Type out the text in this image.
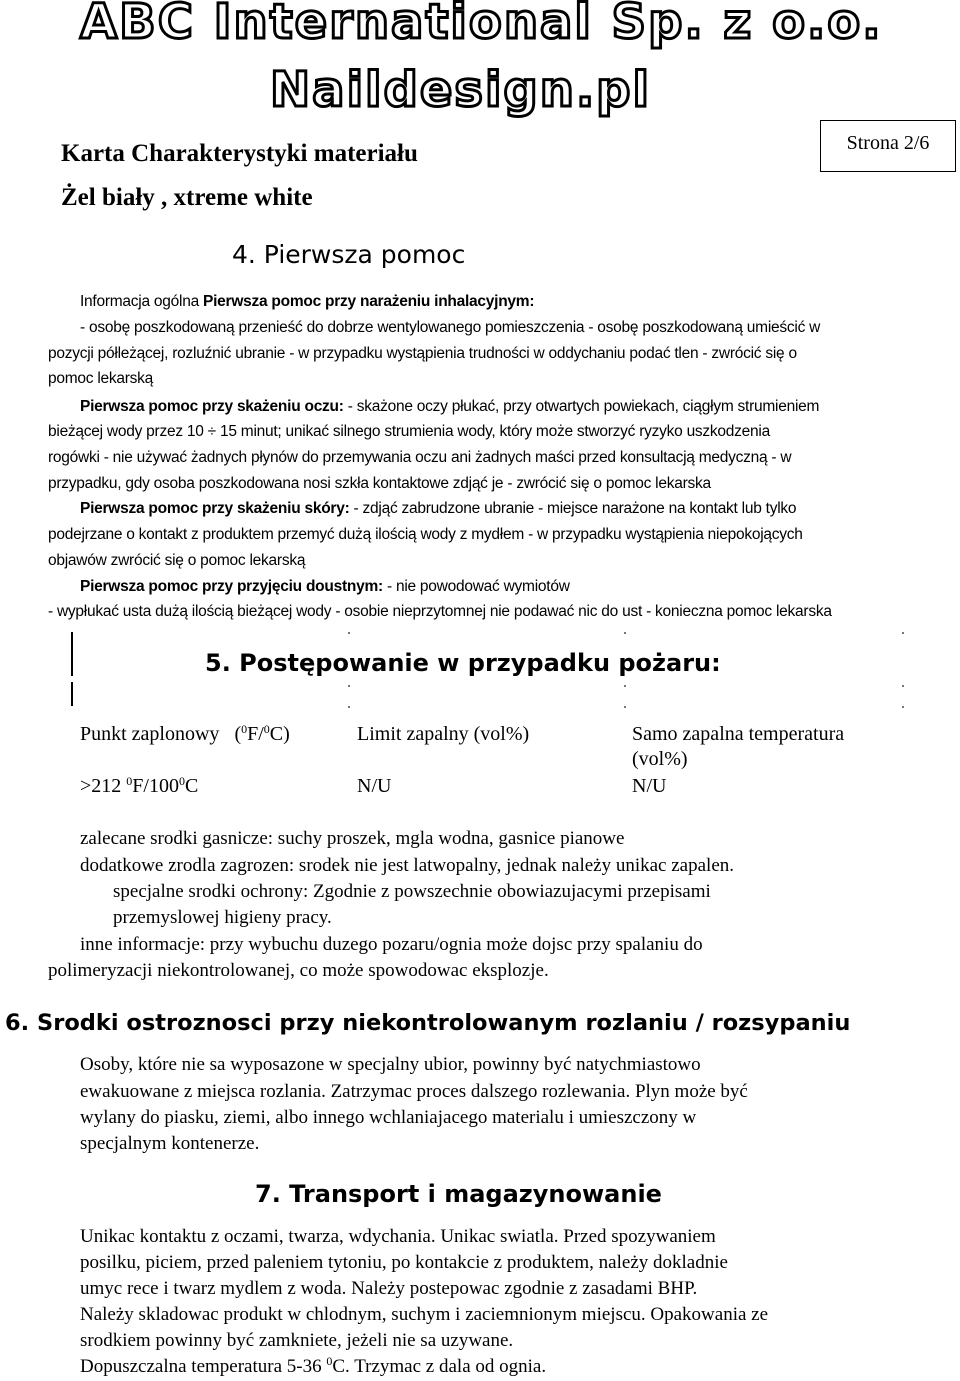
ABC International Sp. z o.o.
Naildesign.pl
Karta Charakterystyki materiału
Żel biały , xtreme white
Strona 2/6
4. Pierwsza pomoc
Informacja ogólna Pierwsza pomoc przy narażeniu inhalacyjnym:
- osobę poszkodowaną przenieść do dobrze wentylowanego pomieszczenia - osobę poszkodowaną umieścić w
pozycji półleżącej, rozluźnić ubranie - w przypadku wystąpienia trudności w oddychaniu podać tlen - zwrócić się o
pomoc lekarską
Pierwsza pomoc przy skażeniu oczu: - skażone oczy płukać, przy otwartych powiekach, ciągłym strumieniem
bieżącej wody przez 10 ÷ 15 minut; unikać silnego strumienia wody, który może stworzyć ryzyko uszkodzenia
rogówki - nie używać żadnych płynów do przemywania oczu ani żadnych maści przed konsultacją medyczną - w
przypadku, gdy osoba poszkodowana nosi szkła kontaktowe zdjąć je - zwrócić się o pomoc lekarska
Pierwsza pomoc przy skażeniu skóry: - zdjąć zabrudzone ubranie - miejsce narażone na kontakt lub tylko
podejrzane o kontakt z produktem przemyć dużą ilością wody z mydłem - w przypadku wystąpienia niepokojących
objawów zwrócić się o pomoc lekarską
Pierwsza pomoc przy przyjęciu doustnym: - nie powodować wymiotów
- wypłukać usta dużą ilością bieżącej wody - osobie nieprzytomnej nie podawać nic do ust - konieczna pomoc lekarska
5. Postępowanie w przypadku pożaru:
Punkt zaplonowy ($^0$F/$^0$C)	Limit zapalny (vol%)	Samo zapalna temperatura
(vol%)
>212 $^0F/100^0C$	N/U	N/U
zalecane srodki gasnicze: suchy proszek, mgla wodna, gasnice pianowe
dodatkowe zrodla zagrozen: srodek nie jest latwopalny, jednak należy unikac zapalen.
specjalne srodki ochrony: Zgodnie z powszechnie obowiazujacymi przepisami
przemyslowej higieny pracy.
inne informacje: przy wybuchu duzego pozaru/ognia może dojsc przy spalaniu do
polimeryzacji niekontrolowanej, co może spowodowac eksplozje.
6. Srodki ostroznosci przy niekontrolowanym rozlaniu / rozsypaniu
Osoby, które nie sa wyposazone w specjalny ubior, powinny być natychmiastowo
ewakuowane z miejsca rozlania. Zatrzymac proces dalszego rozlewania. Plyn może być
wylany do piasku, ziemi, albo innego wchlaniajacego materialu i umieszczony w
specjalnym kontenerze.
7. Transport i magazynowanie
Unikac kontaktu z oczami, twarza, wdychania. Unikac swiatla. Przed spozywaniem
posilku, piciem, przed paleniem tytoniu, po kontakcie z produktem, należy dokladnie
umyc rece i twarz mydlem z woda. Należy postepowac zgodnie z zasadami BHP.
Należy skladowac produkt w chlodnym, suchym i zaciemnionym miejscu. Opakowania ze
srodkiem powinny być zamkniete, jeżeli nie sa uzywane.
Dopuszczalna temperatura 5-36 $^0$C. Trzymac z dala od ognia.
